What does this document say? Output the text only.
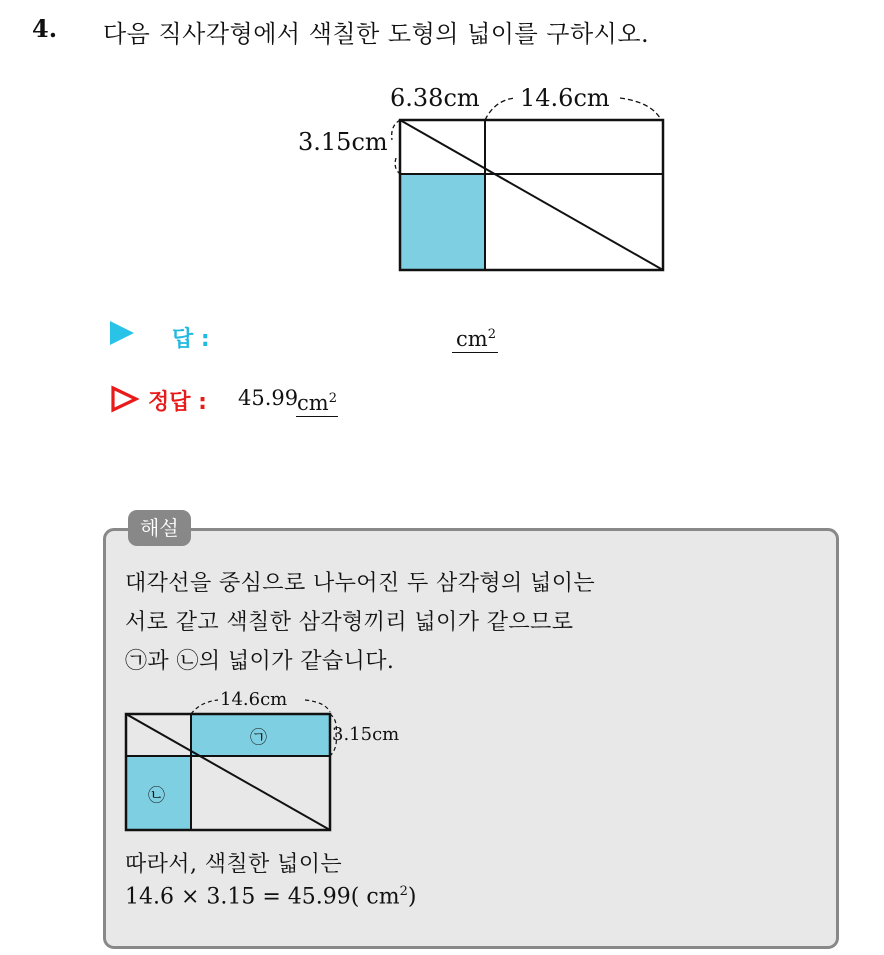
4. 다음 직사각형에서 색칠한 도형의 넓이를 구하시오.
6.38cm 14.6cm
3.15cm
답 :	$cm^2$
정답 : 45.99
$cm^2$
해설
대각선을 중심으로 나누어진 두 삼각형의 넓이는
서로 같고 색칠한 삼각형끼리 넓이가 같으므로
㉠과 ㉡의 넓이가 같습니다.
14.6cm
3.15cm
㉠
㉡
따라서, 색칠한 넓이는
14.6 × 3.15 = 45.99( $cm^2$)
